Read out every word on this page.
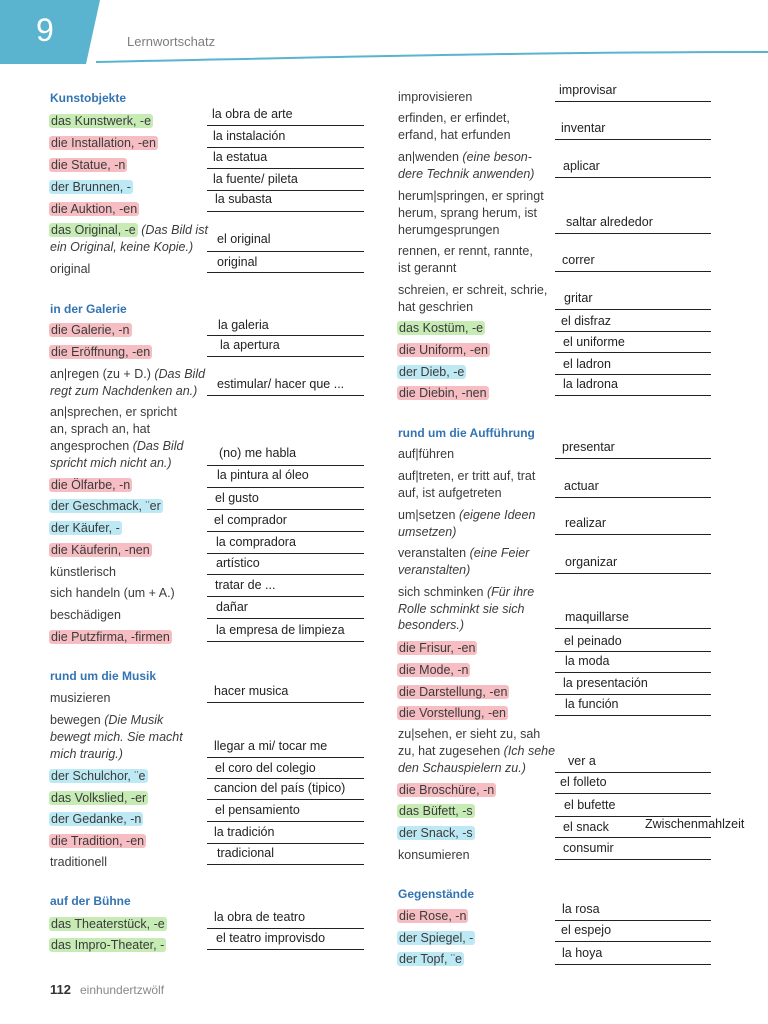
9	Lernwortschatz
Kunstobjekte
das Kunstwerk, -e
die Installation, -en
die Statue, -n
der Brunnen, -
die Auktion, -en
das Original, -e (Das Bild ist
ein Original, keine Kopie.)
original
in der Galerie
die Galerie, -n
die Eröffnung, -en
an|regen (zu + D.) (Das Bild
regt zum Nachdenken an.)
an|sprechen, er spricht
an, sprach an, hat
angesprochen (Das Bild
spricht mich nicht an.)
die Ölfarbe, -n
der Geschmack, ¨er
der Käufer, -
die Käuferin, -nen
künstlerisch
sich handeln (um + A.)
beschädigen
die Putzfirma, -firmen
rund um die Musik
musizieren
bewegen (Die Musik
bewegt mich. Sie macht
mich traurig.)
der Schulchor, ¨e
das Volkslied, -er
der Gedanke, -n
die Tradition, -en
traditionell
auf der Bühne
das Theaterstück, -e
das Impro-Theater, -
la obra de arte
la instalación
la estatua
la fuente/ pileta
la subasta
el original
original
la galeria
la apertura
estimular/ hacer que ...
(no) me habla
la pintura al óleo
el gusto
el comprador
la compradora
artístico
tratar de ...
dañar
la empresa de limpieza
hacer musica
llegar a mi/ tocar me
el coro del colegio
cancion del país (tipico)
el pensamiento
la tradición
tradicional
la obra de teatro
el teatro improvisdo
improvisieren
erfinden, er erfindet,
erfand, hat erfunden
an|wenden (eine beson-
dere Technik anwenden)
herum|springen, er springt
herum, sprang herum, ist
herumgesprungen
rennen, er rennt, rannte,
ist gerannt
schreien, er schreit, schrie,
hat geschrien
das Kostüm, -e
die Uniform, -en
der Dieb, -e
die Diebin, -nen
rund um die Aufführung
auf|führen
auf|treten, er tritt auf, trat
auf, ist aufgetreten
um|setzen (eigene Ideen
umsetzen)
veranstalten (eine Feier
veranstalten)
sich schminken (Für ihre
Rolle schminkt sie sich
besonders.)
die Frisur, -en
die Mode, -n
die Darstellung, -en
die Vorstellung, -en
zu|sehen, er sieht zu, sah
zu, hat zugesehen (Ich sehe
den Schauspielern zu.)
die Broschüre, -n
das Büfett, -s
der Snack, -s
konsumieren
Gegenstände
die Rose, -n
der Spiegel, -
der Topf, ¨e
improvisar
inventar
aplicar
saltar alrededor
correr
gritar
el disfraz
el uniforme
el ladron
la ladrona
presentar
actuar
realizar
organizar
maquillarse
el peinado
la moda
la presentación
la función
ver a
el folleto
el bufette
el snack	Zwischenmahlzeit
consumir
la rosa
el espejo
la hoya
112 einhundertzwölf
